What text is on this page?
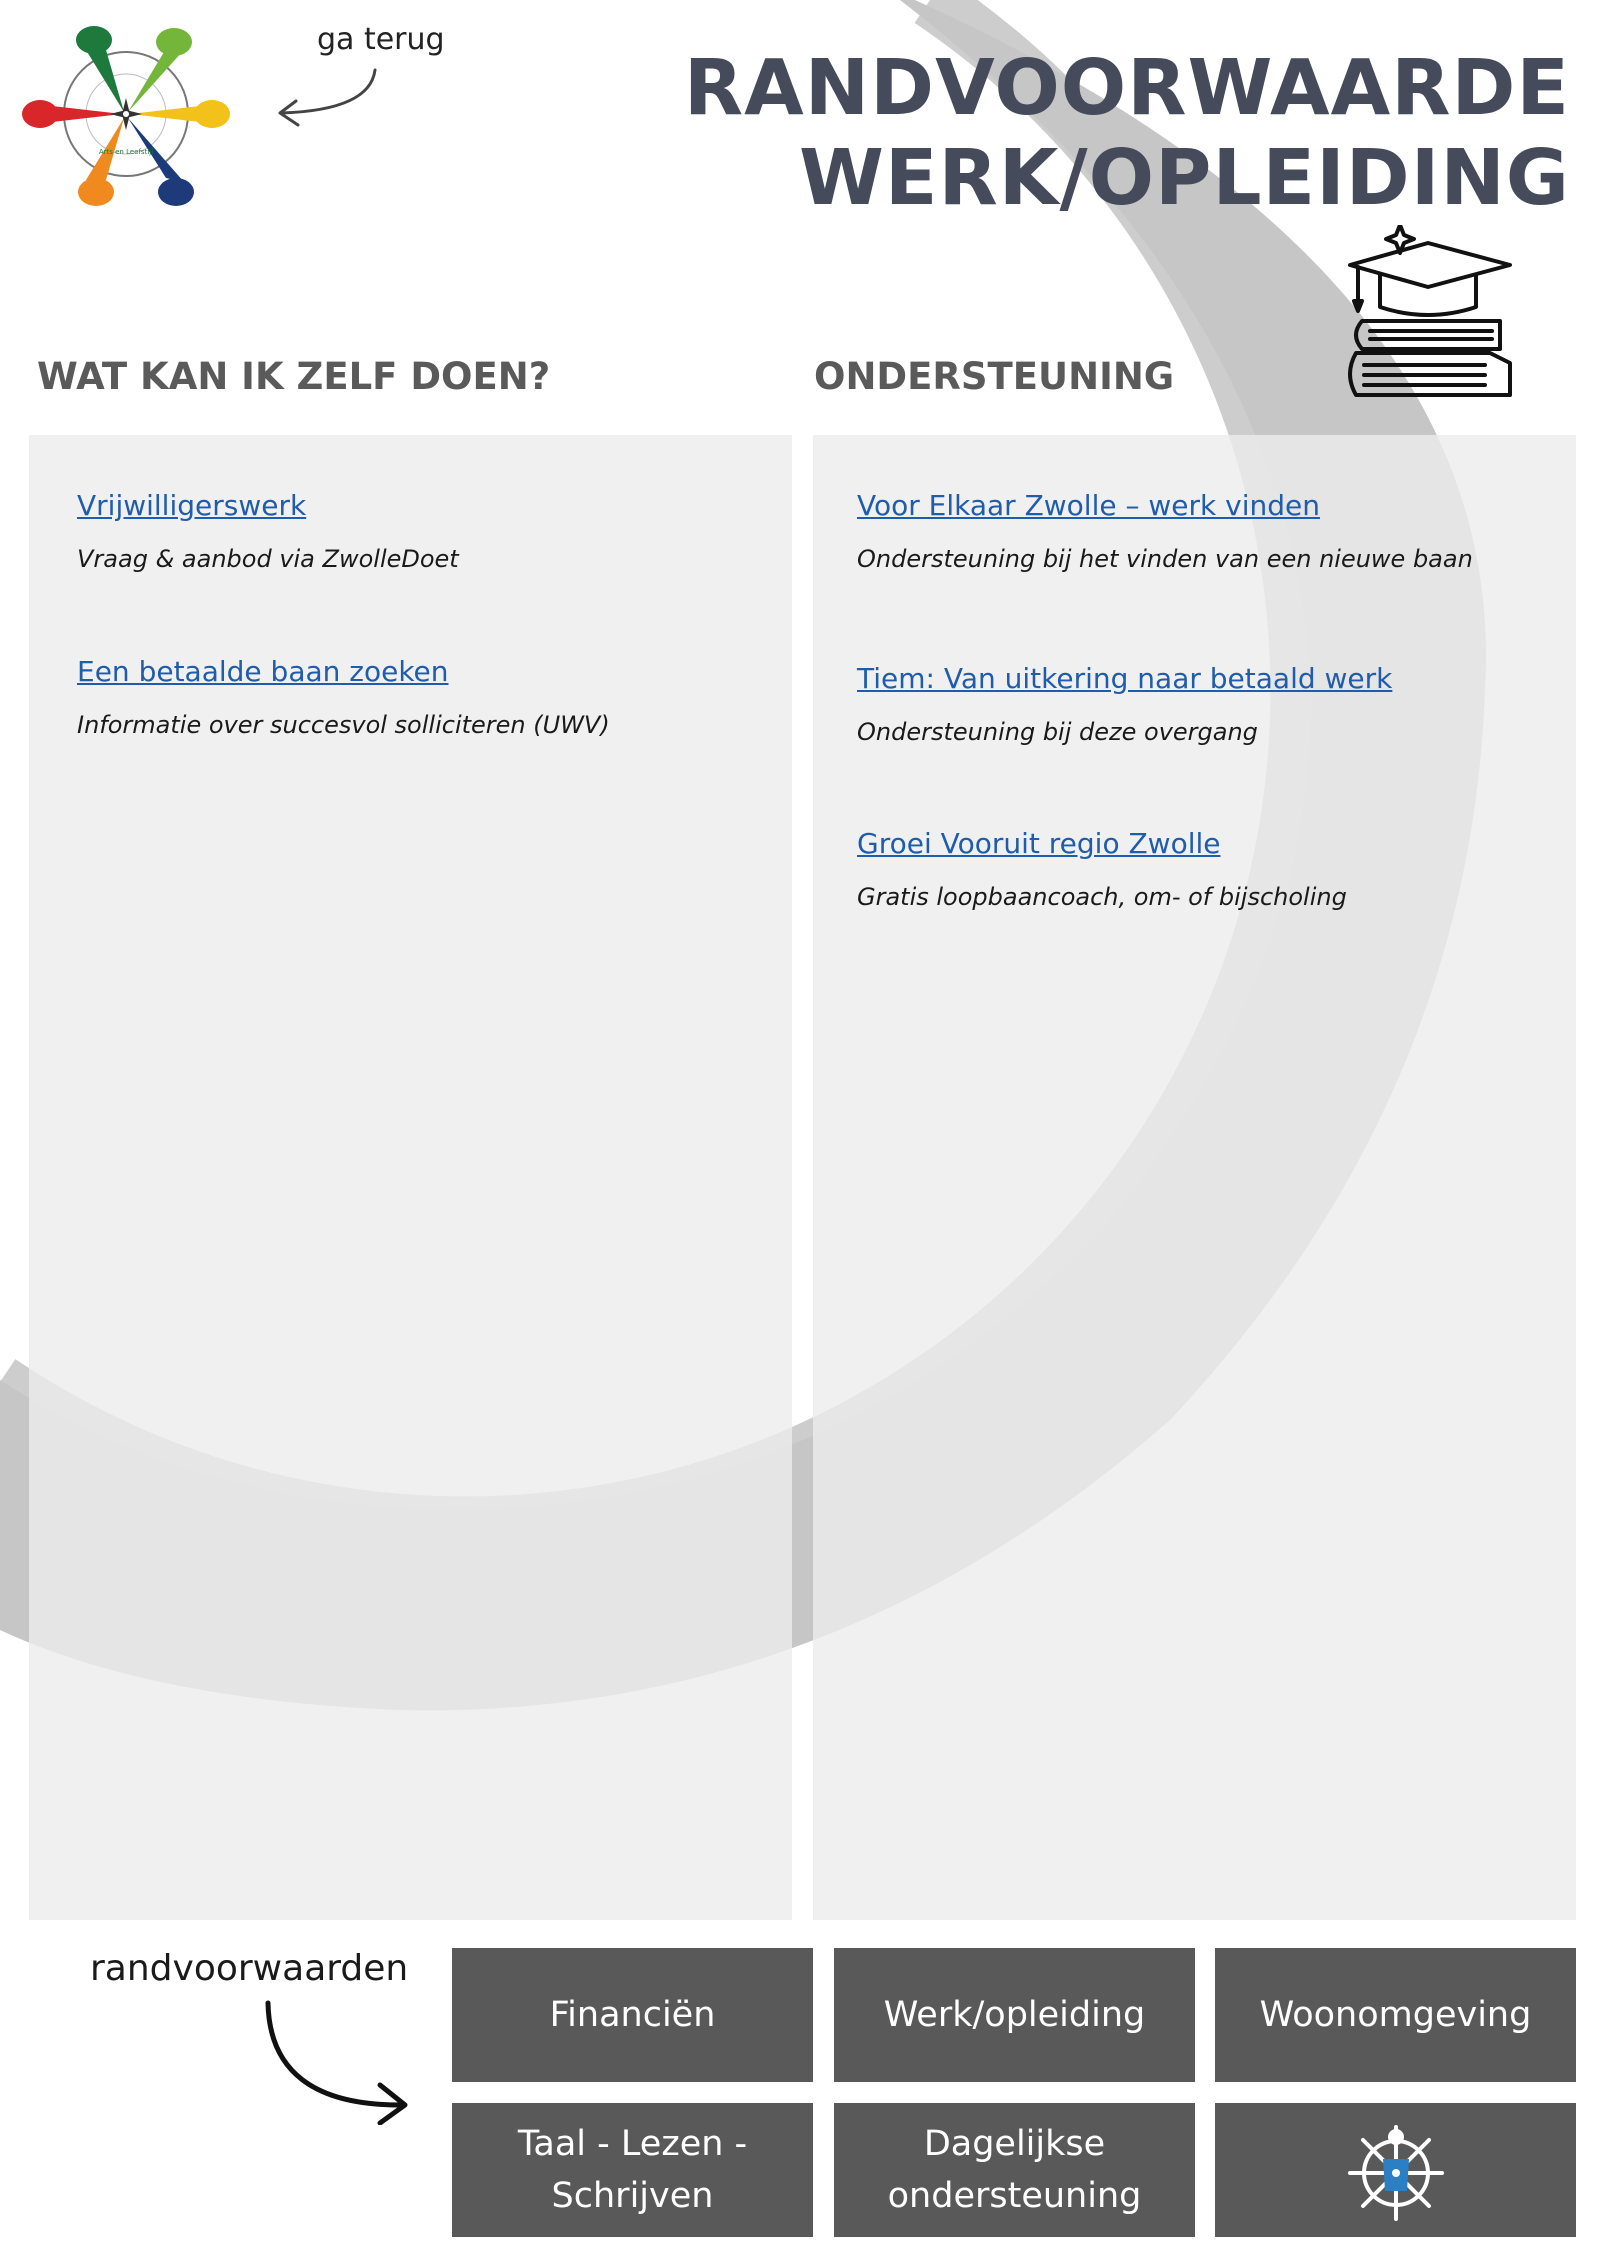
Arts en Leefstijl
ga terug
RANDVOORWAARDE
WERK/OPLEIDING
WAT KAN IK ZELF DOEN?	ONDERSTEUNING
Vrijwilligerswerk
Vraag & aanbod via ZwolleDoet
Een betaalde baan zoeken
Informatie over succesvol solliciteren (UWV)
Voor Elkaar Zwolle – werk vinden
Ondersteuning bij het vinden van een nieuwe baan
Tiem: Van uitkering naar betaald werk
Ondersteuning bij deze overgang
Groei Vooruit regio Zwolle
Gratis loopbaancoach, om- of bijscholing
randvoorwaarden
Financiën	Werk/opleiding	Woonomgeving
Taal - Lezen - Schrijven
Dagelijkse ondersteuning
